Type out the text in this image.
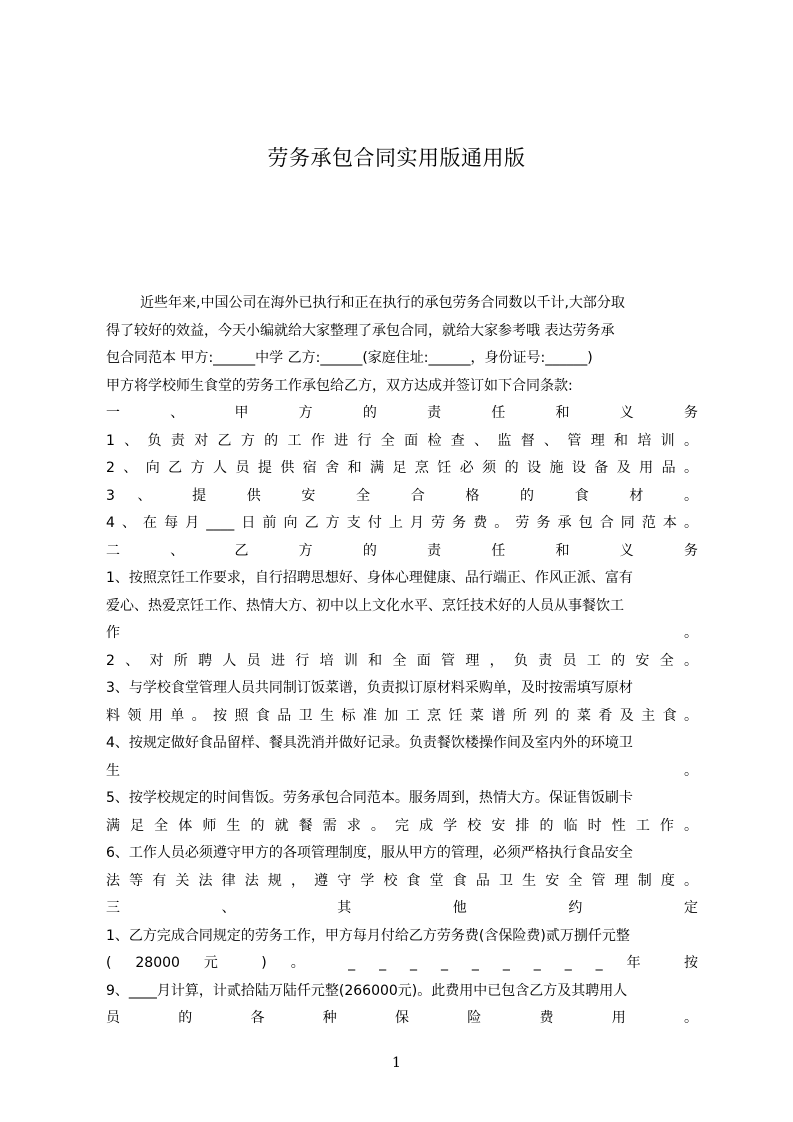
劳务承包合同实用版通用版
近些年来,中国公司在海外已执行和正在执行的承包劳务合同数以千计,大部分取
得了较好的效益，今天小编就给大家整理了承包合同，就给大家参考哦 表达劳务承
包合同范本 甲方:______中学 乙方:______(家庭住址:______，身份证号:______)
甲方将学校师生食堂的劳务工作承包给乙方，双方达成并签订如下合同条款:
一 、 甲 方 的 责 任 和 义 务
1、负责对乙方的工作进行全面检查、监督、管理和培训。
2、向乙方人员提供宿舍和满足烹饪必须的设施设备及用品。
3 、 提 供 安 全 合 格 的 食 材 。
4、在每月____日前向乙方支付上月劳务费。劳务承包合同范本。
二 、 乙 方 的 责 任 和 义 务
1、按照烹饪工作要求，自行招聘思想好、身体心理健康、品行端正、作风正派、富有
爱心、热爱烹饪工作、热情大方、初中以上文化水平、烹饪技术好的人员从事餐饮工
作 。
2、对所聘人员进行培训和全面管理，负责员工的安全。
3、与学校食堂管理人员共同制订饭菜谱，负责拟订原材料采购单，及时按需填写原材
料领用单。按照食品卫生标准加工烹饪菜谱所列的菜肴及主食。
4、按规定做好食品留样、餐具洗消并做好记录。负责餐饮楼操作间及室内外的环境卫
生 。
5、按学校规定的时间售饭。劳务承包合同范本。服务周到，热情大方。保证售饭刷卡
满足全体师生的就餐需求。完成学校安排的临时性工作。
6、工作人员必须遵守甲方的各项管理制度，服从甲方的管理，必须严格执行食品安全
法等有关法律法规，遵守学校食堂食品卫生安全管理制度。
三 、 其 他 约 定
1、乙方完成合同规定的劳务工作，甲方每月付给乙方劳务费(含保险费)贰万捌仟元整
( 28000 元 ) 。 _ _ _ _ _ _ _ _ _ 年 按
9、____月计算，计贰拾陆万陆仟元整(266000元)。此费用中已包含乙方及其聘用人
员 的 各 种 保 险 费 用 。
1
